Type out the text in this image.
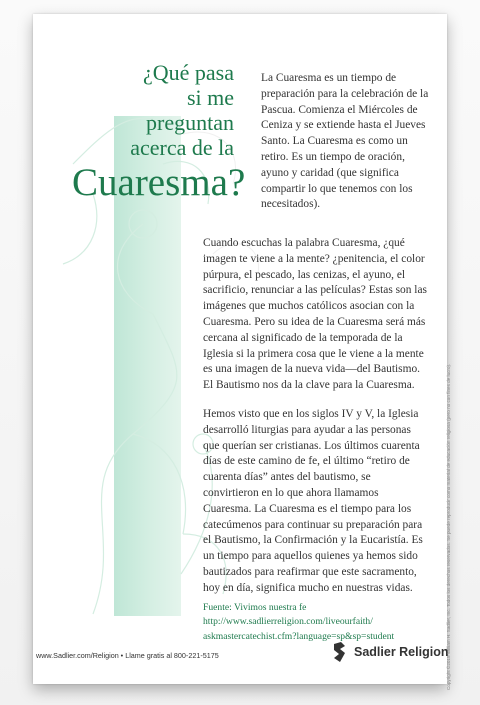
¿Qué pasa
si me
preguntan
acerca de la
Cuaresma?
La Cuaresma es un tiempo de preparación para la celebración de la Pascua. Comienza el Miércoles de Ceniza y se extiende hasta el Jueves Santo. La Cuaresma es como un retiro. Es un tiempo de oración, ayuno y caridad (que significa compartir lo que tenemos con los necesitados).
Cuando escuchas la palabra Cuaresma, ¿qué imagen te viene a la mente? ¿penitencia, el color púrpura, el pescado, las cenizas, el ayuno, el sacrificio, renunciar a las películas? Estas son las imágenes que muchos católicos asocian con la Cuaresma. Pero su idea de la Cuaresma será más cercana al significado de la temporada de la Iglesia si la primera cosa que le viene a la mente es una imagen de la nueva vida—del Bautismo. El Bautismo nos da la clave para la Cuaresma.
Hemos visto que en los siglos IV y V, la Iglesia desarrolló liturgias para ayudar a las personas que querían ser cristianas. Los últimos cuarenta días de este camino de fe, el último “retiro de cuarenta días” antes del bautismo, se convirtieron en lo que ahora llamamos Cuaresma. La Cuaresma es el tiempo para los catecúmenos para continuar su preparación para el Bautismo, la Confirmación y la Eucaristía. Es un tiempo para aquellos quienes ya hemos sido bautizados para reafirmar que este sacramento, hoy en día, significa mucho en nuestras vidas.
Fuente: Vivimos nuestra fe
http://www.sadlierreligion.com/liveourfaith/
askmastercatechist.cfm?language=sp&sp=student
www.Sadlier.com/Religion • Llame gratis al 800-221-5175	Sadlier Religion
Copyright ©2015 William H. Sadlier, Inc. Todos los derechos reservados. Se puede reproducir como material de educación religiosa (pero no con fines de lucro).
